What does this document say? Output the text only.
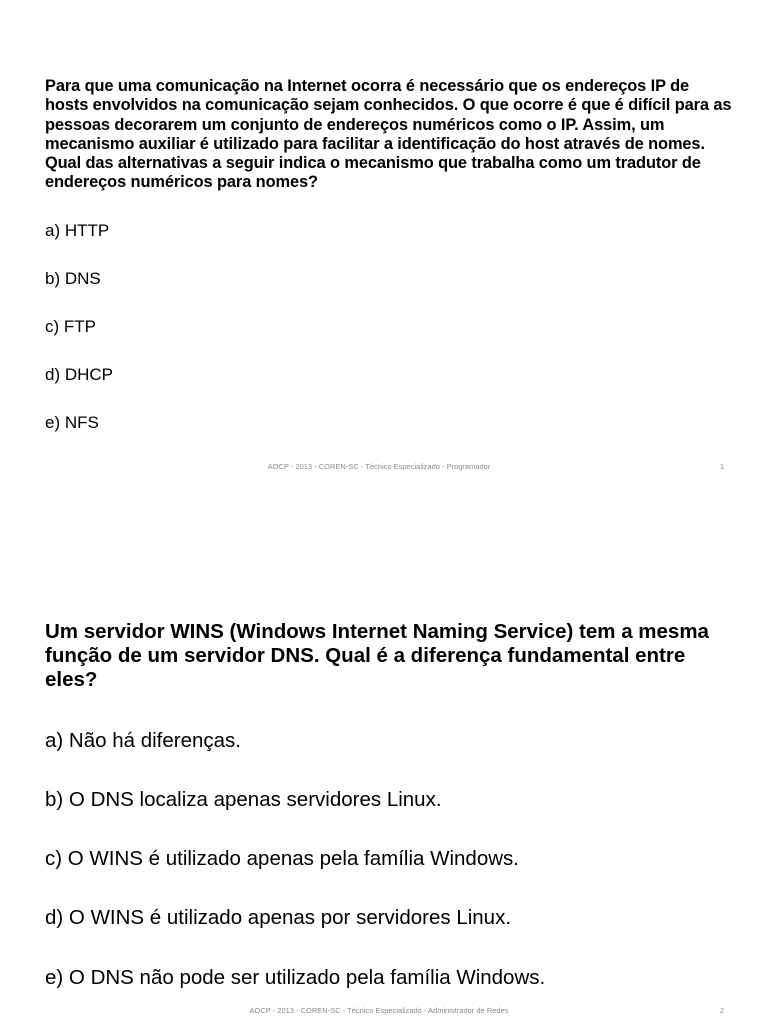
Para que uma comunicação na Internet ocorra é necessário que os endereços IP de hosts envolvidos na comunicação sejam conhecidos. O que ocorre é que é difícil para as pessoas decorarem um conjunto de endereços numéricos como o IP. Assim, um mecanismo auxiliar é utilizado para facilitar a identificação do host através de nomes. Qual das alternativas a seguir indica o mecanismo que trabalha como um tradutor de endereços numéricos para nomes?
a) HTTP
b) DNS
c) FTP
d) DHCP
e) NFS
AOCP - 2013 - COREN-SC - Técnico Especializado - Programador	1
Um servidor WINS (Windows Internet Naming Service) tem a mesma função de um servidor DNS. Qual é a diferença fundamental entre eles?
a) Não há diferenças.
b) O DNS localiza apenas servidores Linux.
c) O WINS é utilizado apenas pela família Windows.
d) O WINS é utilizado apenas por servidores Linux.
e) O DNS não pode ser utilizado pela família Windows.
AOCP - 2013 - COREN-SC - Técnico Especializado - Administrador de Redes	2
